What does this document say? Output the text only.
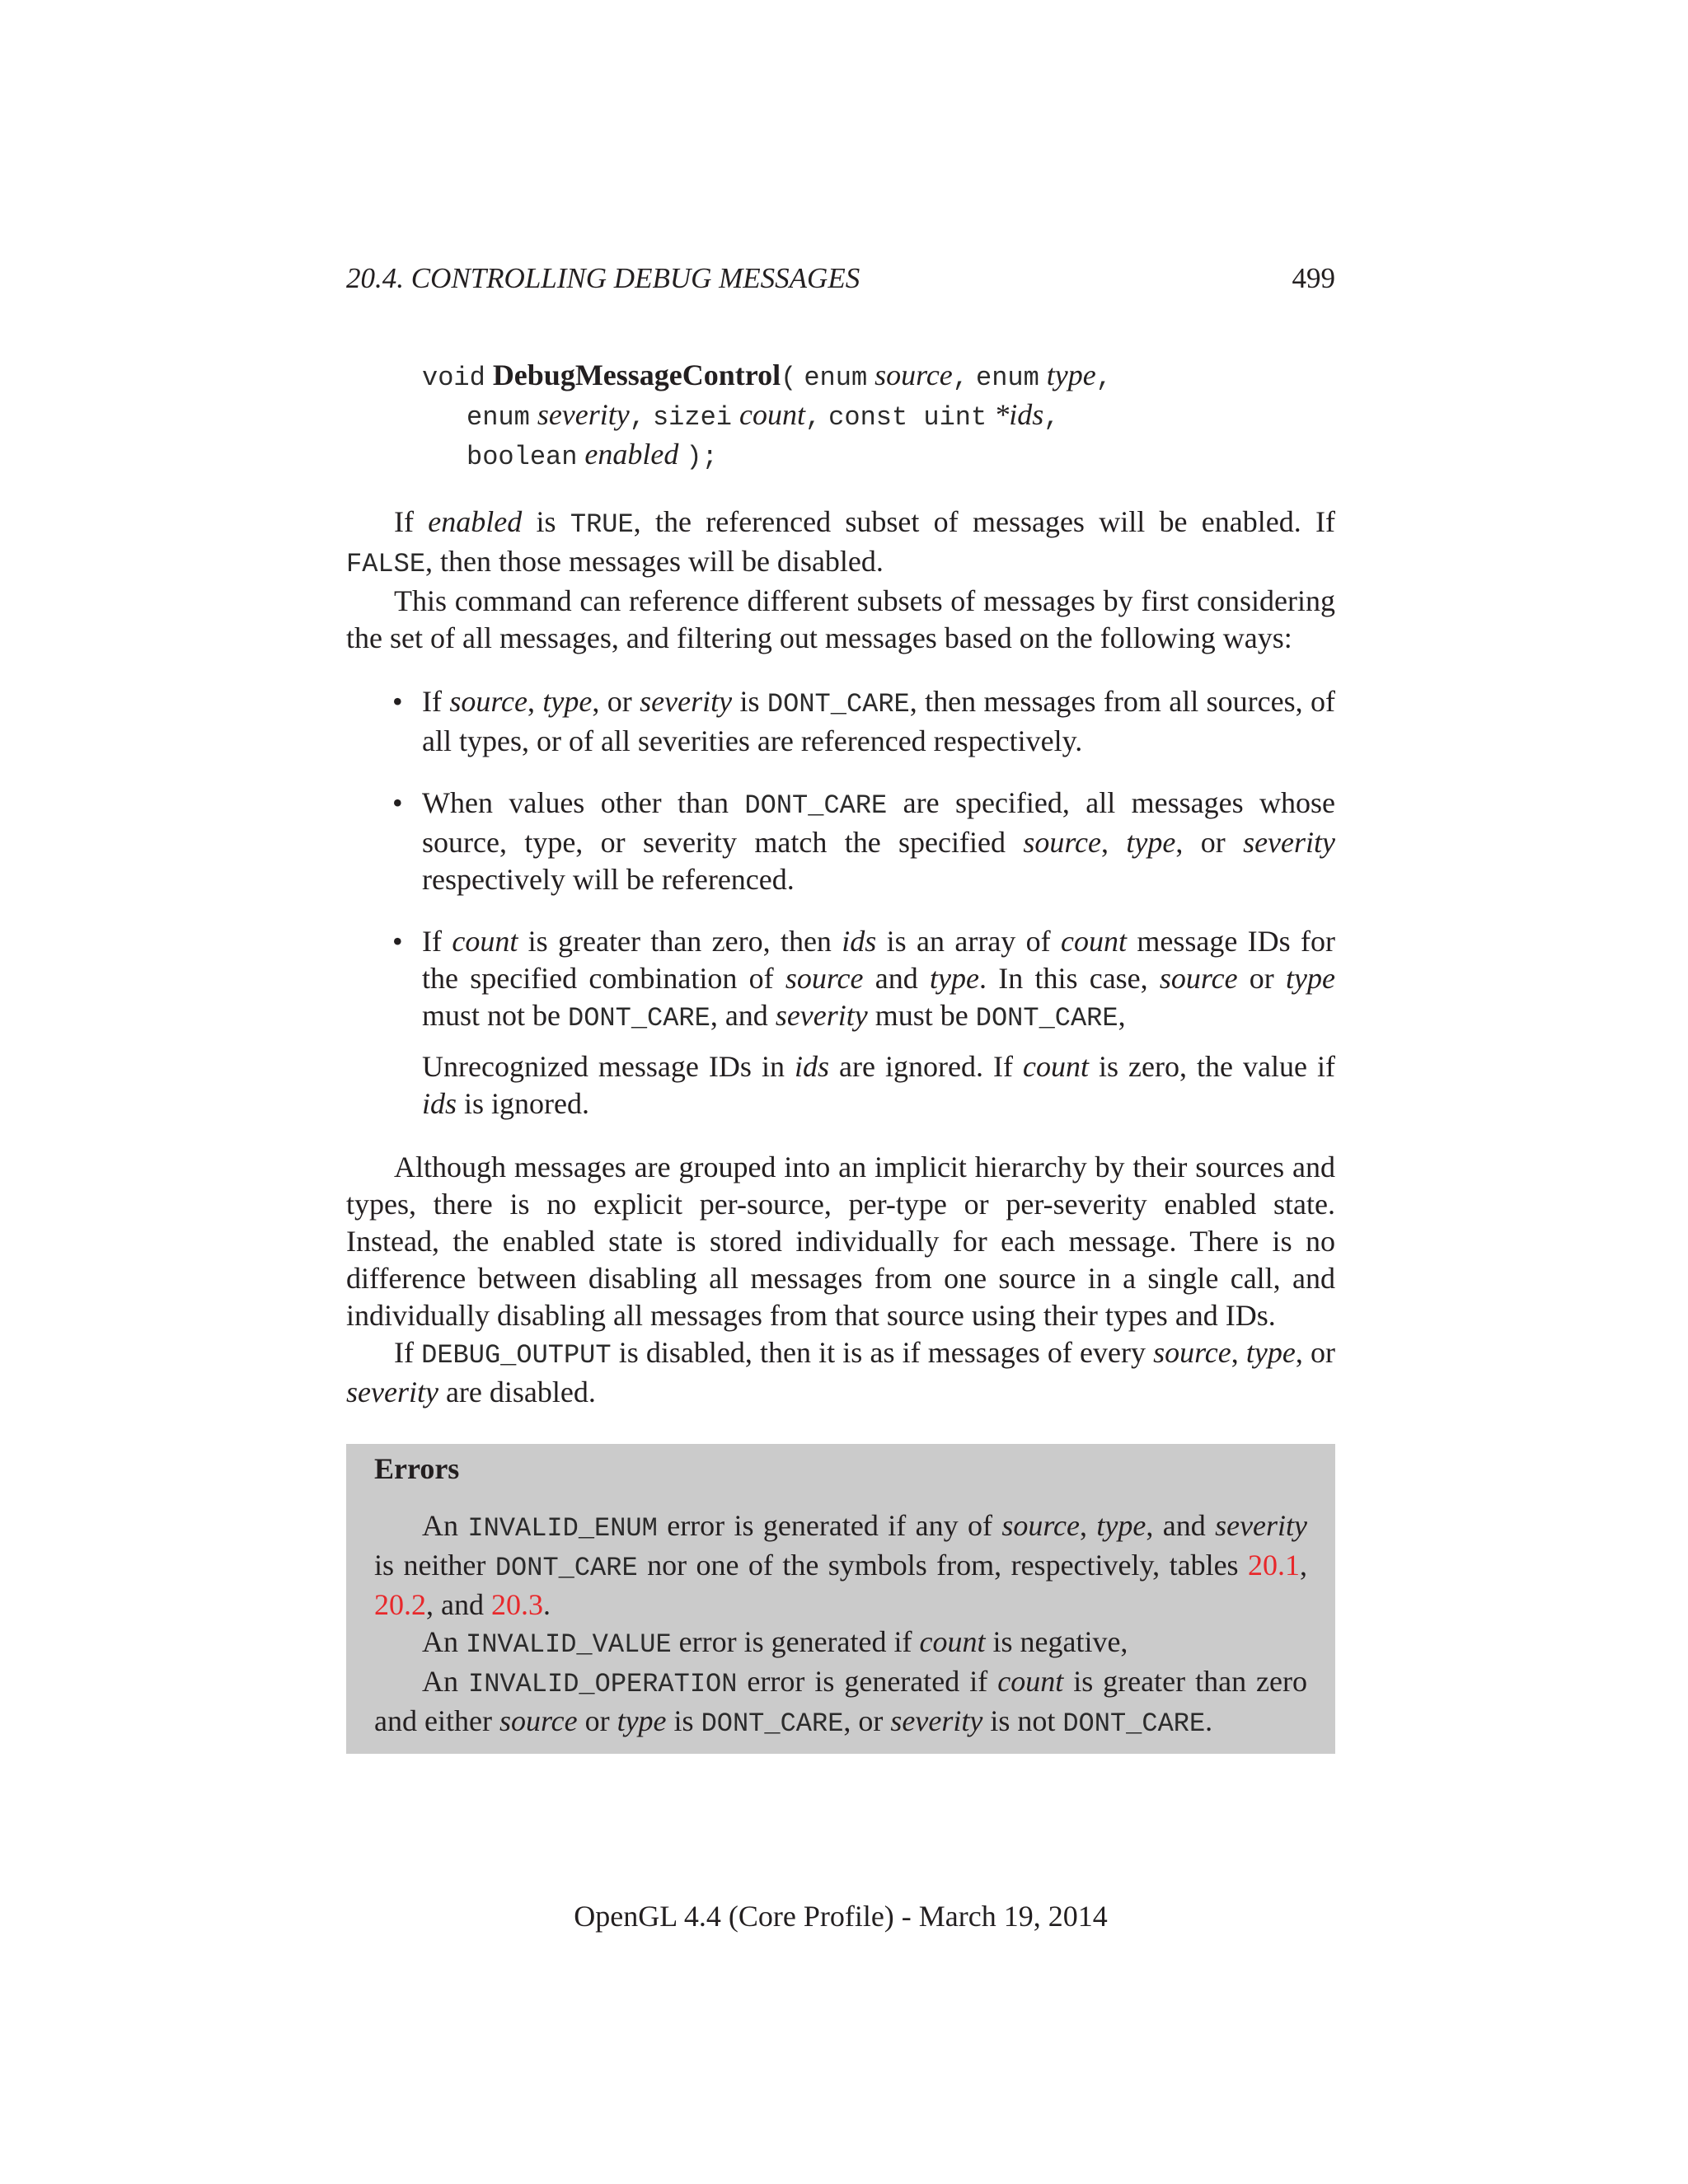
20.4. CONTROLLING DEBUG MESSAGES	499
void DebugMessageControl( enum source, enum type,
enum severity, sizei count, const uint *ids,
boolean enabled );

If enabled is TRUE, the referenced subset of messages will be enabled. If FALSE, then those messages will be disabled.

This command can reference different subsets of messages by first considering the set of all messages, and filtering out messages based on the following ways:

• If source, type, or severity is DONT_CARE, then messages from all sources, of all types, or of all severities are referenced respectively.
• When values other than DONT_CARE are specified, all messages whose source, type, or severity match the specified source, type, or severity respectively will be referenced.
• If count is greater than zero, then ids is an array of count message IDs for the specified combination of source and type. In this case, source or type must not be DONT_CARE, and severity must be DONT_CARE,
Unrecognized message IDs in ids are ignored. If count is zero, the value if ids is ignored.

Although messages are grouped into an implicit hierarchy by their sources and types, there is no explicit per-source, per-type or per-severity enabled state. Instead, the enabled state is stored individually for each message. There is no difference between disabling all messages from one source in a single call, and individually disabling all messages from that source using their types and IDs.

If DEBUG_OUTPUT is disabled, then it is as if messages of every source, type, or severity are disabled.

Errors

An INVALID_ENUM error is generated if any of source, type, and severity is neither DONT_CARE nor one of the symbols from, respectively, tables 20.1, 20.2, and 20.3.

An INVALID_VALUE error is generated if count is negative,

An INVALID_OPERATION error is generated if count is greater than zero and either source or type is DONT_CARE, or severity is not DONT_CARE.

OpenGL 4.4 (Core Profile) - March 19, 2014
